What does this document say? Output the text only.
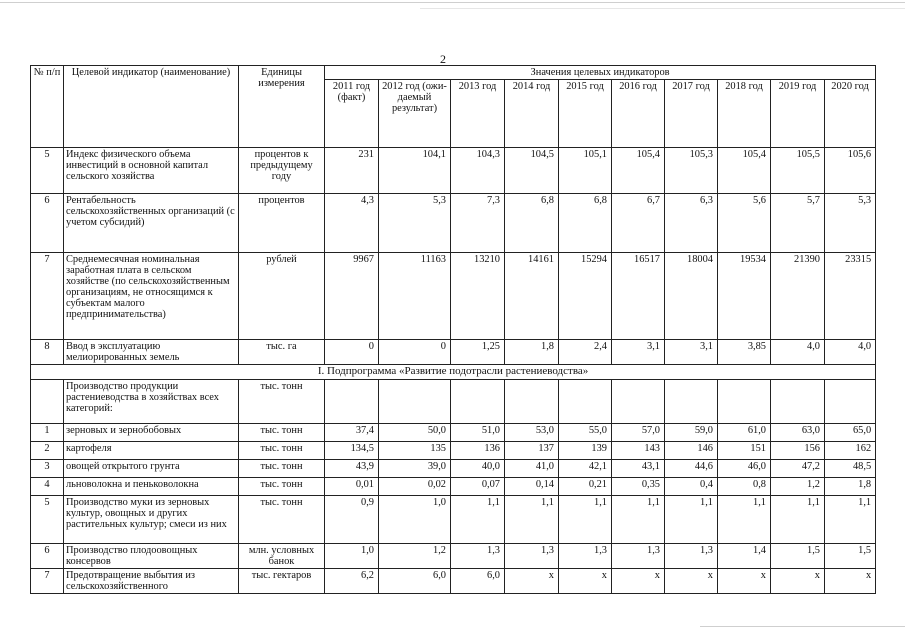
2
№ п/п	Целевой индикатор (наименование)	Единицы измерения	Значения целевых индикаторов									
			2011 год (факт)	2012 год (ожи-даемый результат)	2013 год	2014 год	2015 год	2016 год	2017 год	2018 год	2019 год	2020 год
5	Индекс физического объема инвестиций в основной капитал сельского хозяйства	процентов к предыдущему году	231	104,1	104,3	104,5	105,1	105,4	105,3	105,4	105,5	105,6
6	Рентабельность сельскохозяйственных организаций (с учетом субсидий)	процентов	4,3	5,3	7,3	6,8	6,8	6,7	6,3	5,6	5,7	5,3
7	Среднемесячная номинальная заработная плата в сельском хозяйстве (по сельскохозяйственным организациям, не относящимся к субъектам малого предпринимательства)	рублей	9967	11163	13210	14161	15294	16517	18004	19534	21390	23315
8	Ввод в эксплуатацию мелиорированных земель	тыс. га	0	0	1,25	1,8	2,4	3,1	3,1	3,85	4,0	4,0
I. Подпрограмма «Развитие подотрасли растениеводства»												
	Производство продукции растениеводства в хозяйствах всех категорий:	тыс. тонн										
1	зерновых и зернобобовых	тыс. тонн	37,4	50,0	51,0	53,0	55,0	57,0	59,0	61,0	63,0	65,0
2	картофеля	тыс. тонн	134,5	135	136	137	139	143	146	151	156	162
3	овощей открытого грунта	тыс. тонн	43,9	39,0	40,0	41,0	42,1	43,1	44,6	46,0	47,2	48,5
4	льноволокна и пеньковолокна	тыс. тонн	0,01	0,02	0,07	0,14	0,21	0,35	0,4	0,8	1,2	1,8
5	Производство муки из зерновых культур, овощных и других растительных культур; смеси из них	тыс. тонн	0,9	1,0	1,1	1,1	1,1	1,1	1,1	1,1	1,1	1,1
6	Производство плодоовощных консервов	млн. условных банок	1,0	1,2	1,3	1,3	1,3	1,3	1,3	1,4	1,5	1,5
7	Предотвращение выбытия из сельскохозяйственного	тыс. гектаров	6,2	6,0	6,0	х	х	х	х	х	х	х
